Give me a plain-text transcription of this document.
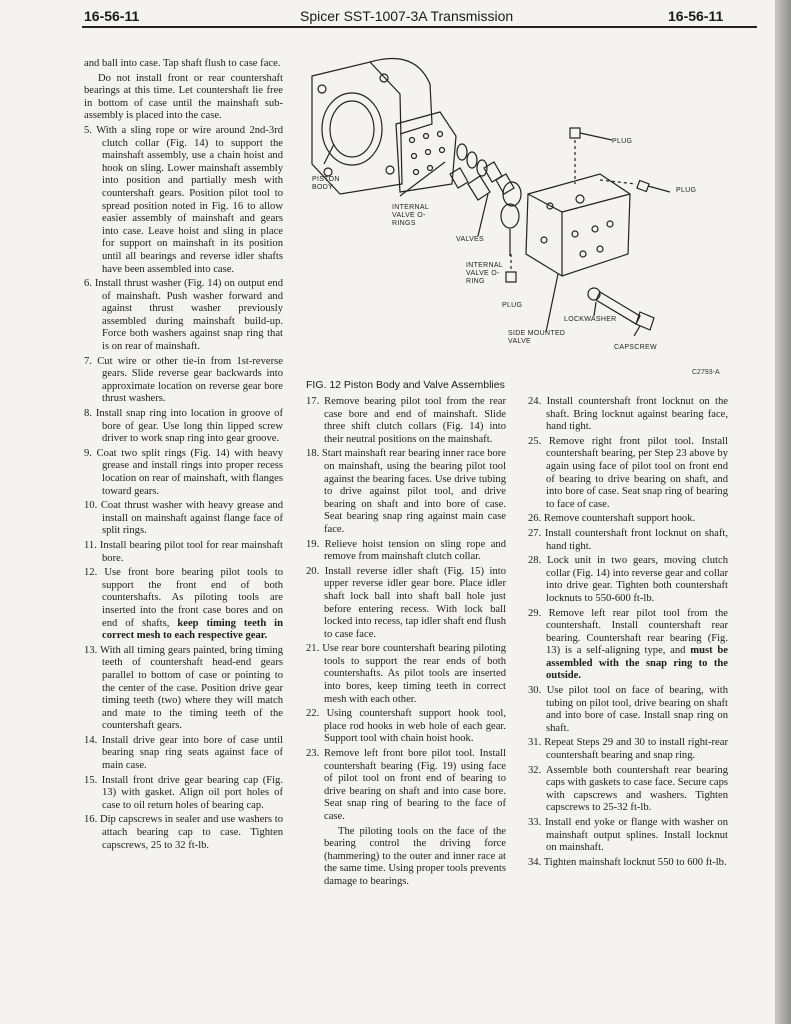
16-56-11	Spicer SST-1007-3A Transmission	16-56-11
PISTON BODY
INTERNAL VALVE O-RINGS
VALVES
INTERNAL VALVE O-RING
PLUG
PLUG
PLUG
LOCKWASHER
SIDE MOUNTED VALVE
CAPSCREW
C2793-A
FIG. 12 Piston Body and Valve Assemblies

and ball into case. Tap shaft flush to case face.

Do not install front or rear countershaft bearings at this time. Let countershaft lie free in bottom of case until the mainshaft sub-assembly is placed into the case.

5. With a sling rope or wire around 2nd-3rd clutch collar (Fig. 14) to support the mainshaft assembly, use a chain hoist and hook on sling. Lower mainshaft assembly into position and partially mesh with countershaft gears. Position pilot tool to spread position noted in Fig. 16 to allow easier assembly of mainshaft and gears into case. Leave hoist and sling in place for support on mainshaft in its position until all bearings and reverse idler shafts have been assembled into case.

6. Install thrust washer (Fig. 14) on output end of mainshaft. Push washer forward and against thrust washer previously assembled during mainshaft build-up. Force both washers against snap ring that is on rear of mainshaft.

7. Cut wire or other tie-in from 1st-reverse gears. Slide reverse gear backwards into approximate location on reverse gear bore thrust washers.

8. Install snap ring into location in groove of bore of gear. Use long thin lipped screw driver to work snap ring into gear groove.

9. Coat two split rings (Fig. 14) with heavy grease and install rings into proper recess location on rear of mainshaft, with flanges toward gears.

10. Coat thrust washer with heavy grease and install on mainshaft against flange face of split rings.

11. Install bearing pilot tool for rear mainshaft bore.

12. Use front bore bearing pilot tools to support the front end of both countershafts. As piloting tools are inserted into the front case bores and on end of shafts, keep timing teeth in correct mesh to each respective gear.

13. With all timing gears painted, bring timing teeth of countershaft head-end gears parallel to bottom of case or pointing to the center of the case. Position drive gear timing teeth (two) where they will match and mate to the timing teeth of the countershaft gears.

14. Install drive gear into bore of case until bearing snap ring seats against face of main case.

15. Install front drive gear bearing cap (Fig. 13) with gasket. Align oil port holes of case to oil return holes of bearing cap.

16. Dip capscrews in sealer and use washers to attach bearing cap to case. Tighten capscrews, 25 to 32 ft-lb.

17. Remove bearing pilot tool from the rear case bore and end of mainshaft. Slide three shift clutch collars (Fig. 14) into their neutral positions on the mainshaft.

18. Start mainshaft rear bearing inner race bore on mainshaft, using the bearing pilot tool against the bearing faces. Use drive tubing to drive against pilot tool, and drive bearing on shaft and into bore of case. Seat bearing snap ring against main case face.

19. Relieve hoist tension on sling rope and remove from mainshaft clutch collar.

20. Install reverse idler shaft (Fig. 15) into upper reverse idler gear bore. Place idler shaft lock ball into shaft ball hole just before entering recess. With lock ball locked into recess, tap idler shaft end flush to case face.

21. Use rear bore countershaft bearing piloting tools to support the rear ends of both countershafts. As pilot tools are inserted into bores, keep timing teeth in correct mesh with each other.

22. Using countershaft support hook tool, place rod hooks in web hole of each gear. Support tool with chain hoist hook.

23. Remove left front bore pilot tool. Install countershaft bearing (Fig. 19) using face of pilot tool on front end of bearing to drive bearing on shaft and into case bore. Seat snap ring of bearing to the face of case.

The piloting tools on the face of the bearing control the driving force (hammering) to the outer and inner race at the same time. Using proper tools prevents damage to bearings.

24. Install countershaft front locknut on the shaft. Bring locknut against bearing face, hand tight.

25. Remove right front pilot tool. Install countershaft bearing, per Step 23 above by again using face of pilot tool on front end of bearing to drive bearing on shaft, and into bore of case. Seat snap ring of bearing to face of case.

26. Remove countershaft support hook.

27. Install countershaft front locknut on shaft, hand tight.

28. Lock unit in two gears, moving clutch collar (Fig. 14) into reverse gear and collar into drive gear. Tighten both countershaft locknuts to 550-600 ft-lb.

29. Remove left rear pilot tool from the countershaft. Install countershaft rear bearing. Countershaft rear bearing (Fig. 13) is a self-aligning type, and must be assembled with the snap ring to the outside.

30. Use pilot tool on face of bearing, with tubing on pilot tool, drive bearing on shaft and into bore of case. Install snap ring on shaft.

31. Repeat Steps 29 and 30 to install right-rear countershaft bearing and snap ring.

32. Assemble both countershaft rear bearing caps with gaskets to case face. Secure caps with capscrews and washers. Tighten capscrews to 25-32 ft-lb.

33. Install end yoke or flange with washer on mainshaft output splines. Install locknut on mainshaft.

34. Tighten mainshaft locknut 550 to 600 ft-lb.
